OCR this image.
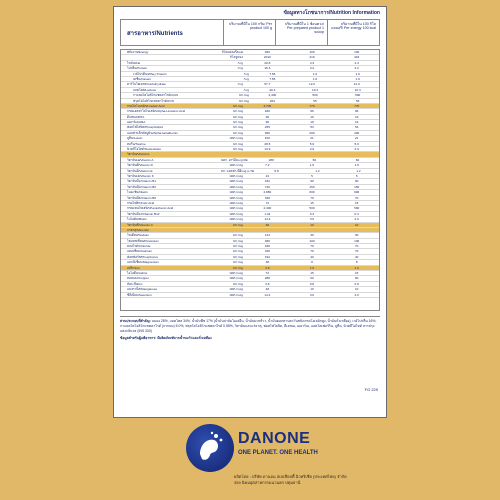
ข้อมูลทางโภชนาการ/Nutrition Information
สารอาหาร/Nutrients
ปริมาณที่มีใน 100 กรัม/ Per product 100 g
ปริมาณที่มีใน 1 ช้อนตวง/ Per prepared product 1 scoop
ปริมาณที่มีใน 100 กิโลแคลอรี/ Per energy 100 kcal
พลังงาน/Energy	กิโลแคลอรี/kcal	480	100	100
กิโลจูล/kJ	2010	419	418
ไขมัน/Fat	ก./g	20.8	4.3	4.3
โปรตีน/Protein	ก./g	15.3	3.2	3.2
เวย์โปรตีน/Whey Protein	ก./g	7.65	1.6	1.6
เคซีน/Casein	ก./g	7.65	1.6	1.6
คาร์โบไฮเดรต/Carbohydrate	ก./g	57.7	12.0	12.0
แลคโตส/Lactose	ก./g	49.3	10.3	10.3
กาแลคโตโอลิโกแซคคาไรด์/GOS	มก./mg	2,400	500	500
ฟรุคโตโอลิโกแซคคาไรด์/FOS	มก./mg	264	55	55
กรดไลโนเลอิก/Linoleic Acid	มก./mg	3,700	770	770
กรดแอลฟาไลโนเลนิก/Alpha-Linolenic Acid	มก./mg	460	96	96
ดีเอชเอ/DHA	มก./mg	90	19	19
เออาร์เอ/ARA	มก./mg	90	19	19
ฟอสโฟไลปิด/Phospholipid	มก./mg	255	53	53
แอลฟาแล็กตัลบูมิน/Alpha-lactalbumin	มก./mg	960	200	200
ลูทีน/Lutein	มคก./mcg	100	21	21
ทอรีน/Taurine	มก./mg	28.5	5.9	5.9
นิวคลีโอไทด์/Nucleotides	มก./mg	13.9	2.9	2.9
วิตามิน/Vitamins
วิตามินเอ/Vitamin A	มคก. อาร์อี/mcg RE	288	60	60
วิตามินดี/Vitamin D	มคก./mcg	7.2	1.5	1.5
วิตามินอี/Vitamin E	มก. แอลฟา-ทีอี/mg α-TE	5.8	1.2	1.2
วิตามินเค/Vitamin K	มคก./mcg	24	5	5
วิตามินบี1/Vitamin B1	มคก./mcg	432	90	90
วิตามินบี2/Vitamin B2	มคก./mcg	720	150	150
ไนอะซิน/Niacin	มคก./mcg	2,880	600	600
วิตามินบี6/Vitamin B6	มคก./mcg	336	70	70
กรดโฟลิก/Folic Acid	มคก./mcg	72	15	15
กรดแพนโทเธนิก/Pantothenic Acid	มคก./mcg	2,400	500	500
วิตามินบี12/Vitamin B12	มคก./mcg	1.44	0.3	0.3
ไบโอติน/Biotin	มคก./mcg	14.4	3.0	3.0
วิตามินซี/Vitamin C	มก./mg	48	10	10
แร่ธาตุ/Minerals
โซเดียม/Sodium	มก./mg	144	30	30
โพแทสเซียม/Potassium	มก./mg	480	100	100
คลอไรด์/Chloride	มก./mg	336	70	70
แคลเซียม/Calcium	มก./mg	336	70	70
ฟอสฟอรัส/Phosphorus	มก./mg	192	40	40
แมกนีเซียม/Magnesium	มก./mg	38	8	8
เหล็ก/Iron	มก./mg	4.8	1.0	1.0
ไอโอดีน/Iodine	มคก./mcg	72	15	15
ทองแดง/Copper	มคก./mcg	288	60	60
สังกะสี/Zinc	มก./mg	3.8	0.8	0.8
แมงกานีส/Manganese	มคก./mcg	48	10	10
ซีลีเนียม/Selenium	มคก./mcg	14.4	3.0	3.0
ส่วนประกอบที่สำคัญ: นมผง 28%, แลคโตส 34%, น้ำมันพืช 17% (น้ำมันปาล์มโอเลอีน, น้ำมันมะพร้าว, น้ำมันดอกทานตะวันชนิดกรดโอเลอิกสูง, น้ำมันถั่วเหลือง), เวย์โปรตีน 16%, กาแลคโตโอลิโกแซคคาไรด์ (จากนม) 5.0%, ฟรุคโตโอลิโกแซคคาไรด์ 0.55%, วิตามินและแร่ธาตุ, ฟอสโฟไลปิด, ดีเอชเอ, เออาร์เอ, แลคโตเฟอร์ริน, ลูทีน, นิวคลีโอไทด์ สารปรุงแต่งกลิ่นรส (INS 330)
ข้อมูลสำหรับผู้แพ้อาหาร: มีผลิตภัณฑ์จากน้ำนมวัวและถั่วเหลือง
FG 229
DANONE
ONE PLANET. ONE HEALTH
ผลิตโดย : บริษัท ดานอน สเปเชียลตี้ นิวทริเซีย (ประเทศไทย) จำกัด
359 นิคมอุตสาหกรรมนวนคร ปทุมธานี
